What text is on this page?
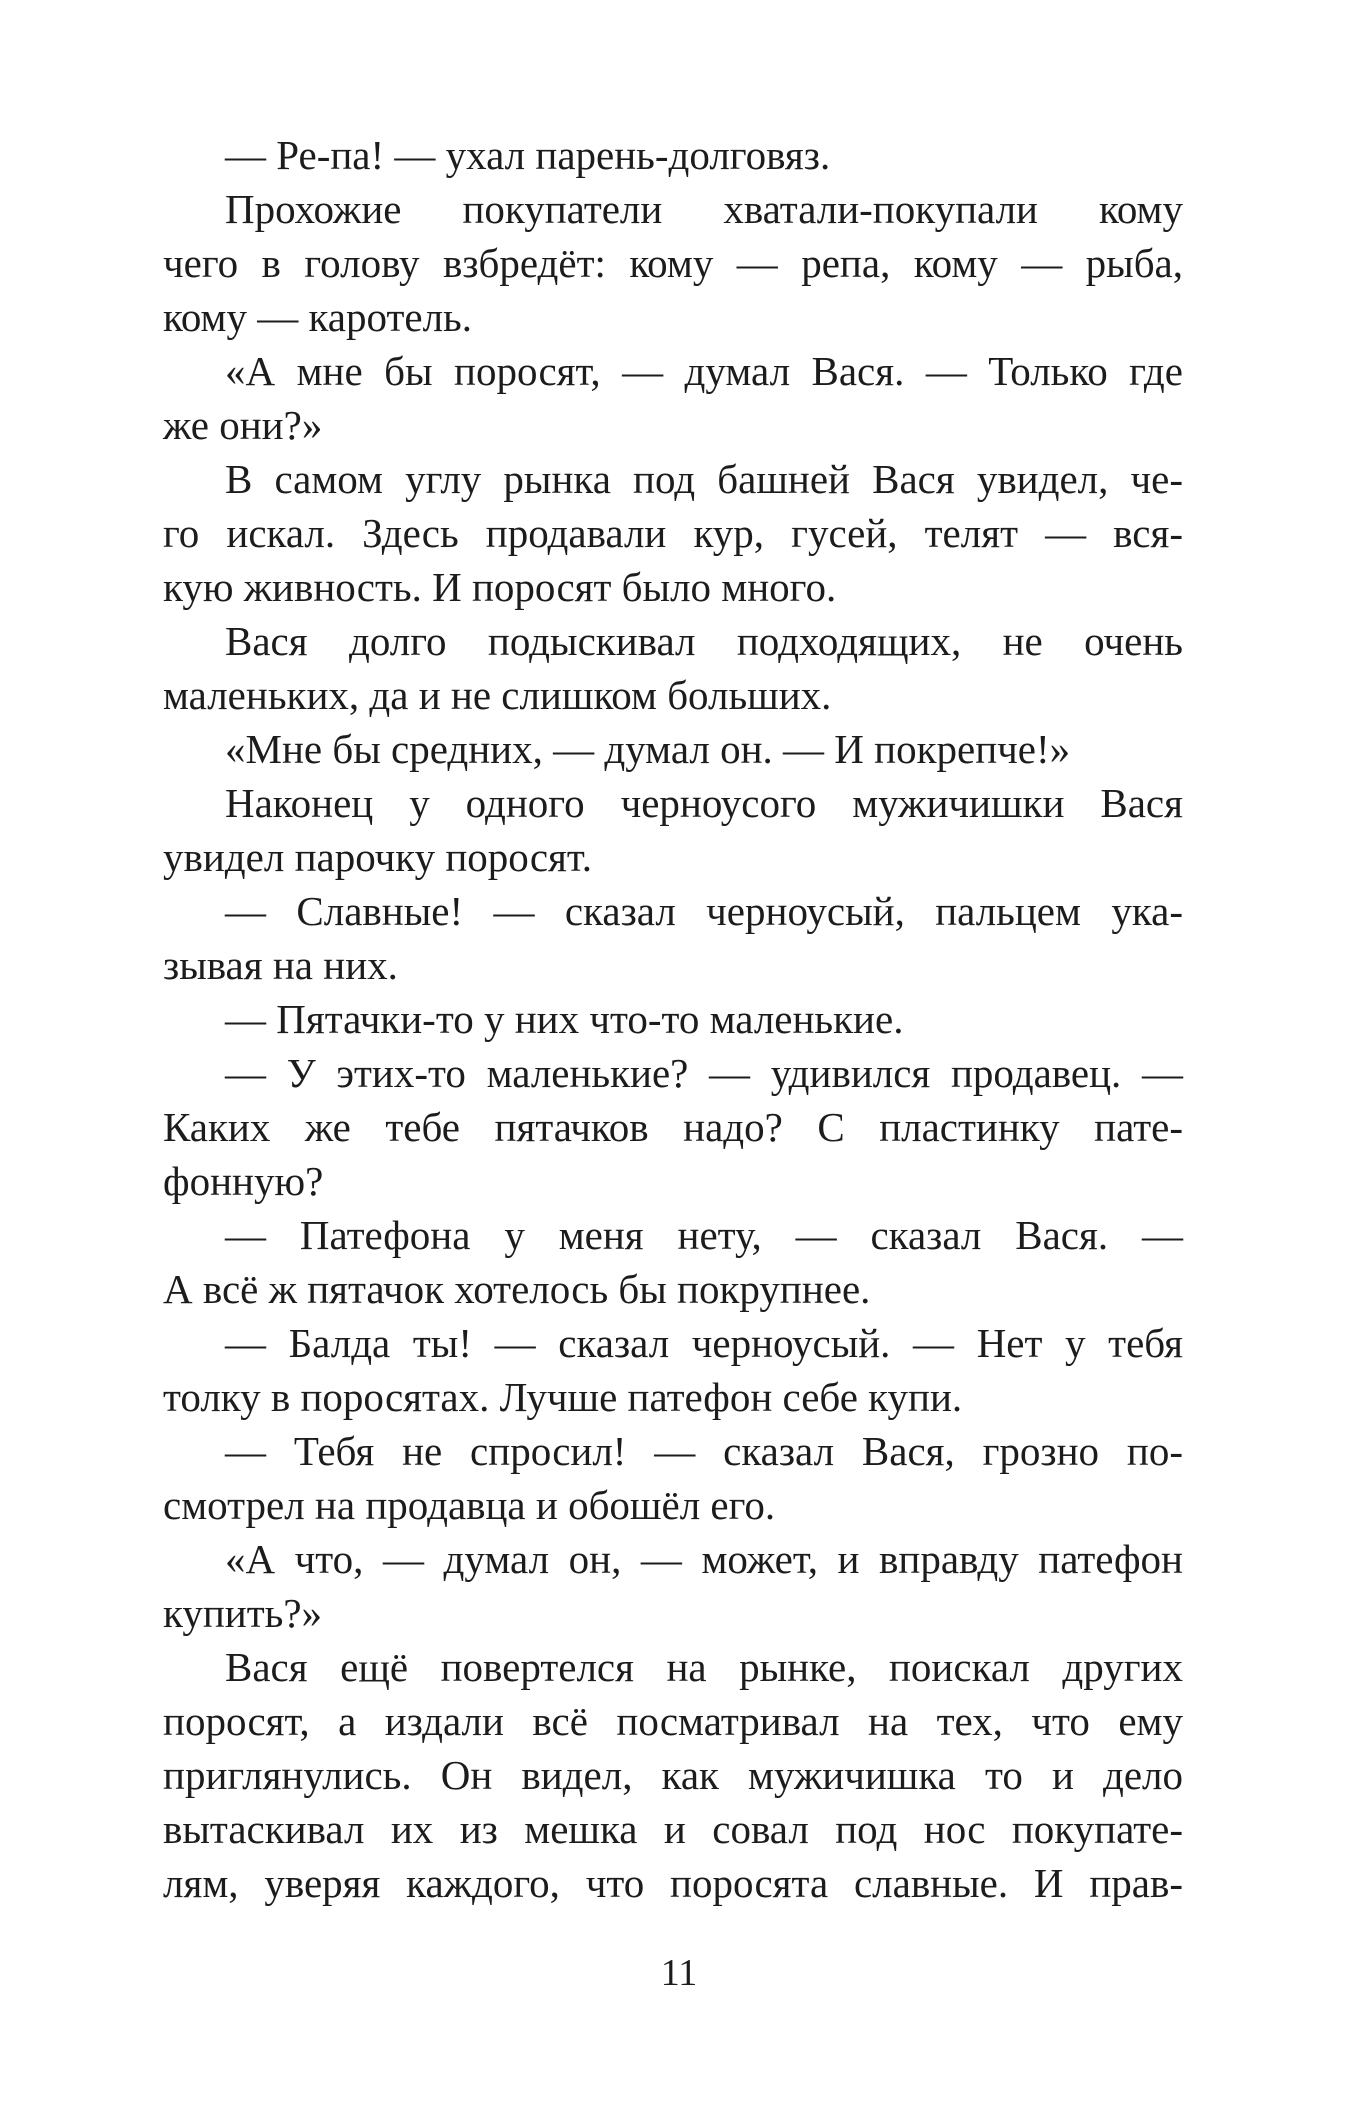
— Ре-па! — ухал парень-долговяз.
Прохожие покупатели хватали-покупали кому
чего в голову взбредёт: кому — репа, кому — рыба,
кому — каротель.
«А мне бы поросят, — думал Вася. — Только где
же они?»
В самом углу рынка под башней Вася увидел, че-
го искал. Здесь продавали кур, гусей, телят — вся-
кую живность. И поросят было много.
Вася долго подыскивал подходящих, не очень
маленьких, да и не слишком больших.
«Мне бы средних, — думал он. — И покрепче!»
Наконец у одного черноусого мужичишки Вася
увидел парочку поросят.
— Славные! — сказал черноусый, пальцем ука-
зывая на них.
— Пятачки-то у них что-то маленькие.
— У этих-то маленькие? — удивился продавец. —
Каких же тебе пятачков надо? С пластинку пате-
фонную?
— Патефона у меня нету, — сказал Вася. —
А всё ж пятачок хотелось бы покрупнее.
— Балда ты! — сказал черноусый. — Нет у тебя
толку в поросятах. Лучше патефон себе купи.
— Тебя не спросил! — сказал Вася, грозно по-
смотрел на продавца и обошёл его.
«А что, — думал он, — может, и вправду патефон
купить?»
Вася ещё повертелся на рынке, поискал других
поросят, а издали всё посматривал на тех, что ему
приглянулись. Он видел, как мужичишка то и дело
вытаскивал их из мешка и совал под нос покупате-
лям, уверяя каждого, что поросята славные. И прав-
11
